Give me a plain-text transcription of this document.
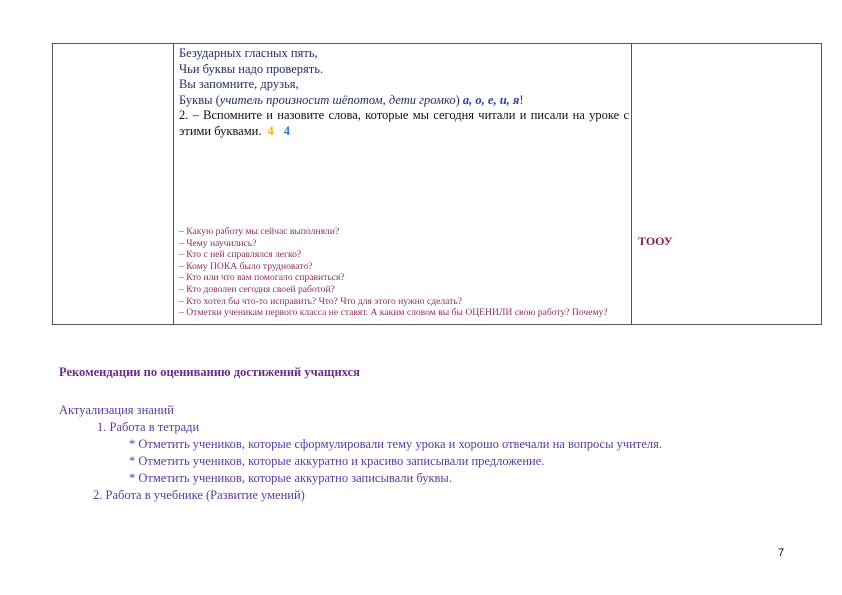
Безударных гласных пять,
Чьи буквы надо проверять.
Вы запомните, друзья,
Буквы (учитель произносит шёпотом, дети громко) а, о, е, и, я!
2. – Вспомните и назовите слова, которые мы сегодня читали и писали на уроке с этими буквами. 4 4
– Какую работу мы сейчас выполняли?
– Чему научились?
– Кто с ней справлялся легко?
– Кому ПОКА было трудновато?
– Кто или что вам помогало справиться?
– Кто доволен сегодня своей работой?
– Кто хотел бы что-то исправить? Что? Что для этого нужно сделать?
– Отметки ученикам первого класса не ставят. А каким словом вы бы ОЦЕНИЛИ свою работу? Почему?
ТООУ
Рекомендации по оцениванию достижений учащихся
Актуализация знаний
1. Работа в тетради
* Отметить учеников, которые сформулировали тему урока и хорошо отвечали на вопросы учителя.
* Отметить учеников, которые аккуратно и красиво записывали предложение.
* Отметить учеников, которые аккуратно записывали буквы.
2. Работа в учебнике (Развитие умений)
7
